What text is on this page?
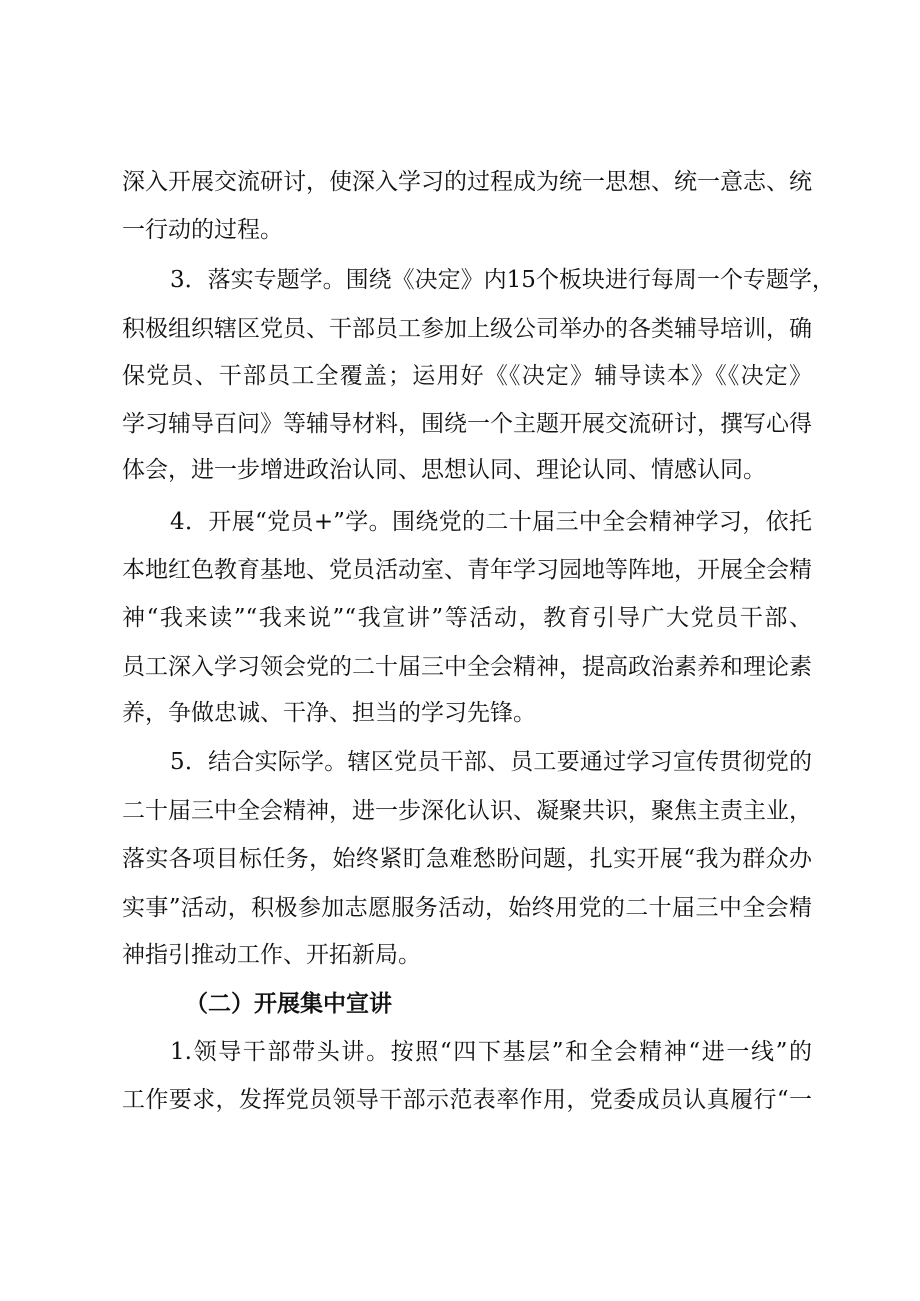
深入开展交流研讨，使深入学习的过程成为统一思想、统一意志、统
一行动的过程。
3．落实专题学。围绕《决定》内15个板块进行每周一个专题学，
积极组织辖区党员、干部员工参加上级公司举办的各类辅导培训，确
保党员、干部员工全覆盖；运用好《《决定》辅导读本》《《决定》
学习辅导百问》等辅导材料，围绕一个主题开展交流研讨，撰写心得
体会，进一步增进政治认同、思想认同、理论认同、情感认同。
4．开展“党员+”学。围绕党的二十届三中全会精神学习，依托
本地红色教育基地、党员活动室、青年学习园地等阵地，开展全会精
神“我来读”“我来说”“我宣讲”等活动，教育引导广大党员干部、
员工深入学习领会党的二十届三中全会精神，提高政治素养和理论素
养，争做忠诚、干净、担当的学习先锋。
5．结合实际学。辖区党员干部、员工要通过学习宣传贯彻党的
二十届三中全会精神，进一步深化认识、凝聚共识，聚焦主责主业，
落实各项目标任务，始终紧盯急难愁盼问题，扎实开展“我为群众办
实事”活动，积极参加志愿服务活动，始终用党的二十届三中全会精
神指引推动工作、开拓新局。
（二）开展集中宣讲
1.领导干部带头讲。按照“四下基层”和全会精神“进一线”的
工作要求，发挥党员领导干部示范表率作用，党委成员认真履行“一
